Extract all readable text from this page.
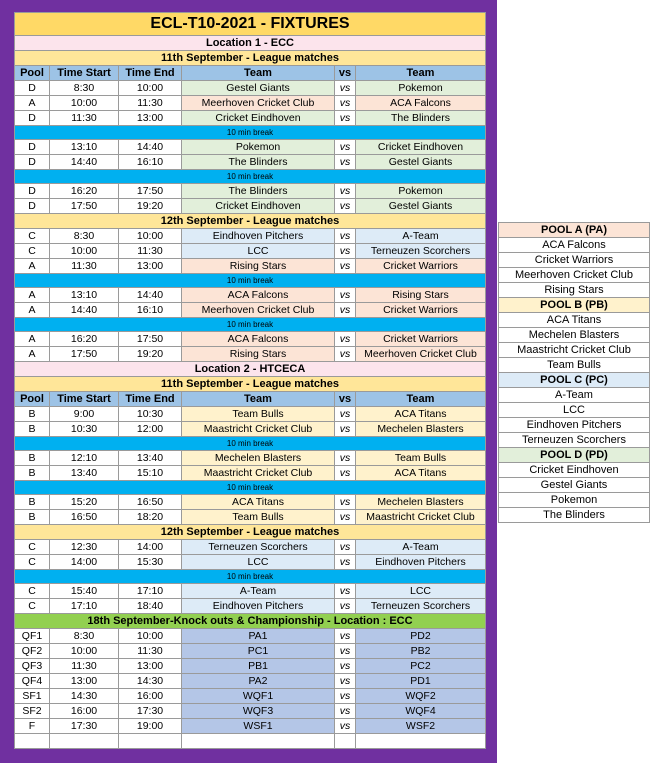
ECL-T10-2021 - FIXTURES					
Location 1 - ECC					
11th September - League matches					
Pool	Time Start	Time End	Team	vs	Team
D	8:30	10:00	Gestel Giants	vs	Pokemon
A	10:00	11:30	Meerhoven Cricket Club	vs	ACA Falcons
D	11:30	13:00	Cricket Eindhoven	vs	The Blinders
10 min break					
D	13:10	14:40	Pokemon	vs	Cricket Eindhoven
D	14:40	16:10	The Blinders	vs	Gestel Giants
10 min break					
D	16:20	17:50	The Blinders	vs	Pokemon
D	17:50	19:20	Cricket Eindhoven	vs	Gestel Giants
12th September - League matches					
C	8:30	10:00	Eindhoven Pitchers	vs	A-Team
C	10:00	11:30	LCC	vs	Terneuzen Scorchers
A	11:30	13:00	Rising Stars	vs	Cricket Warriors
10 min break					
A	13:10	14:40	ACA Falcons	vs	Rising Stars
A	14:40	16:10	Meerhoven Cricket Club	vs	Cricket Warriors
10 min break					
A	16:20	17:50	ACA Falcons	vs	Cricket Warriors
A	17:50	19:20	Rising Stars	vs	Meerhoven Cricket Club
Location 2 - HTCECA					
11th September - League matches					
Pool	Time Start	Time End	Team	vs	Team
B	9:00	10:30	Team Bulls	vs	ACA Titans
B	10:30	12:00	Maastricht Cricket Club	vs	Mechelen Blasters
10 min break					
B	12:10	13:40	Mechelen Blasters	vs	Team Bulls
B	13:40	15:10	Maastricht Cricket Club	vs	ACA Titans
10 min break					
B	15:20	16:50	ACA Titans	vs	Mechelen Blasters
B	16:50	18:20	Team Bulls	vs	Maastricht Cricket Club
12th September - League matches					
C	12:30	14:00	Terneuzen Scorchers	vs	A-Team
C	14:00	15:30	LCC	vs	Eindhoven Pitchers
10 min break					
C	15:40	17:10	A-Team	vs	LCC
C	17:10	18:40	Eindhoven Pitchers	vs	Terneuzen Scorchers
18th September-Knock outs & Championship - Location : ECC					
QF1	8:30	10:00	PA1	vs	PD2
QF2	10:00	11:30	PC1	vs	PB2
QF3	11:30	13:00	PB1	vs	PC2
QF4	13:00	14:30	PA2	vs	PD1
SF1	14:30	16:00	WQF1	vs	WQF2
SF2	16:00	17:30	WQF3	vs	WQF4
F	17:30	19:00	WSF1	vs	WSF2

POOL A (PA)
ACA Falcons
Cricket Warriors
Meerhoven Cricket Club
Rising Stars
POOL B (PB)
ACA Titans
Mechelen Blasters
Maastricht Cricket Club
Team Bulls
POOL C (PC)
A-Team
LCC
Eindhoven Pitchers
Terneuzen Scorchers
POOL D (PD)
Cricket Eindhoven
Gestel Giants
Pokemon
The Blinders
